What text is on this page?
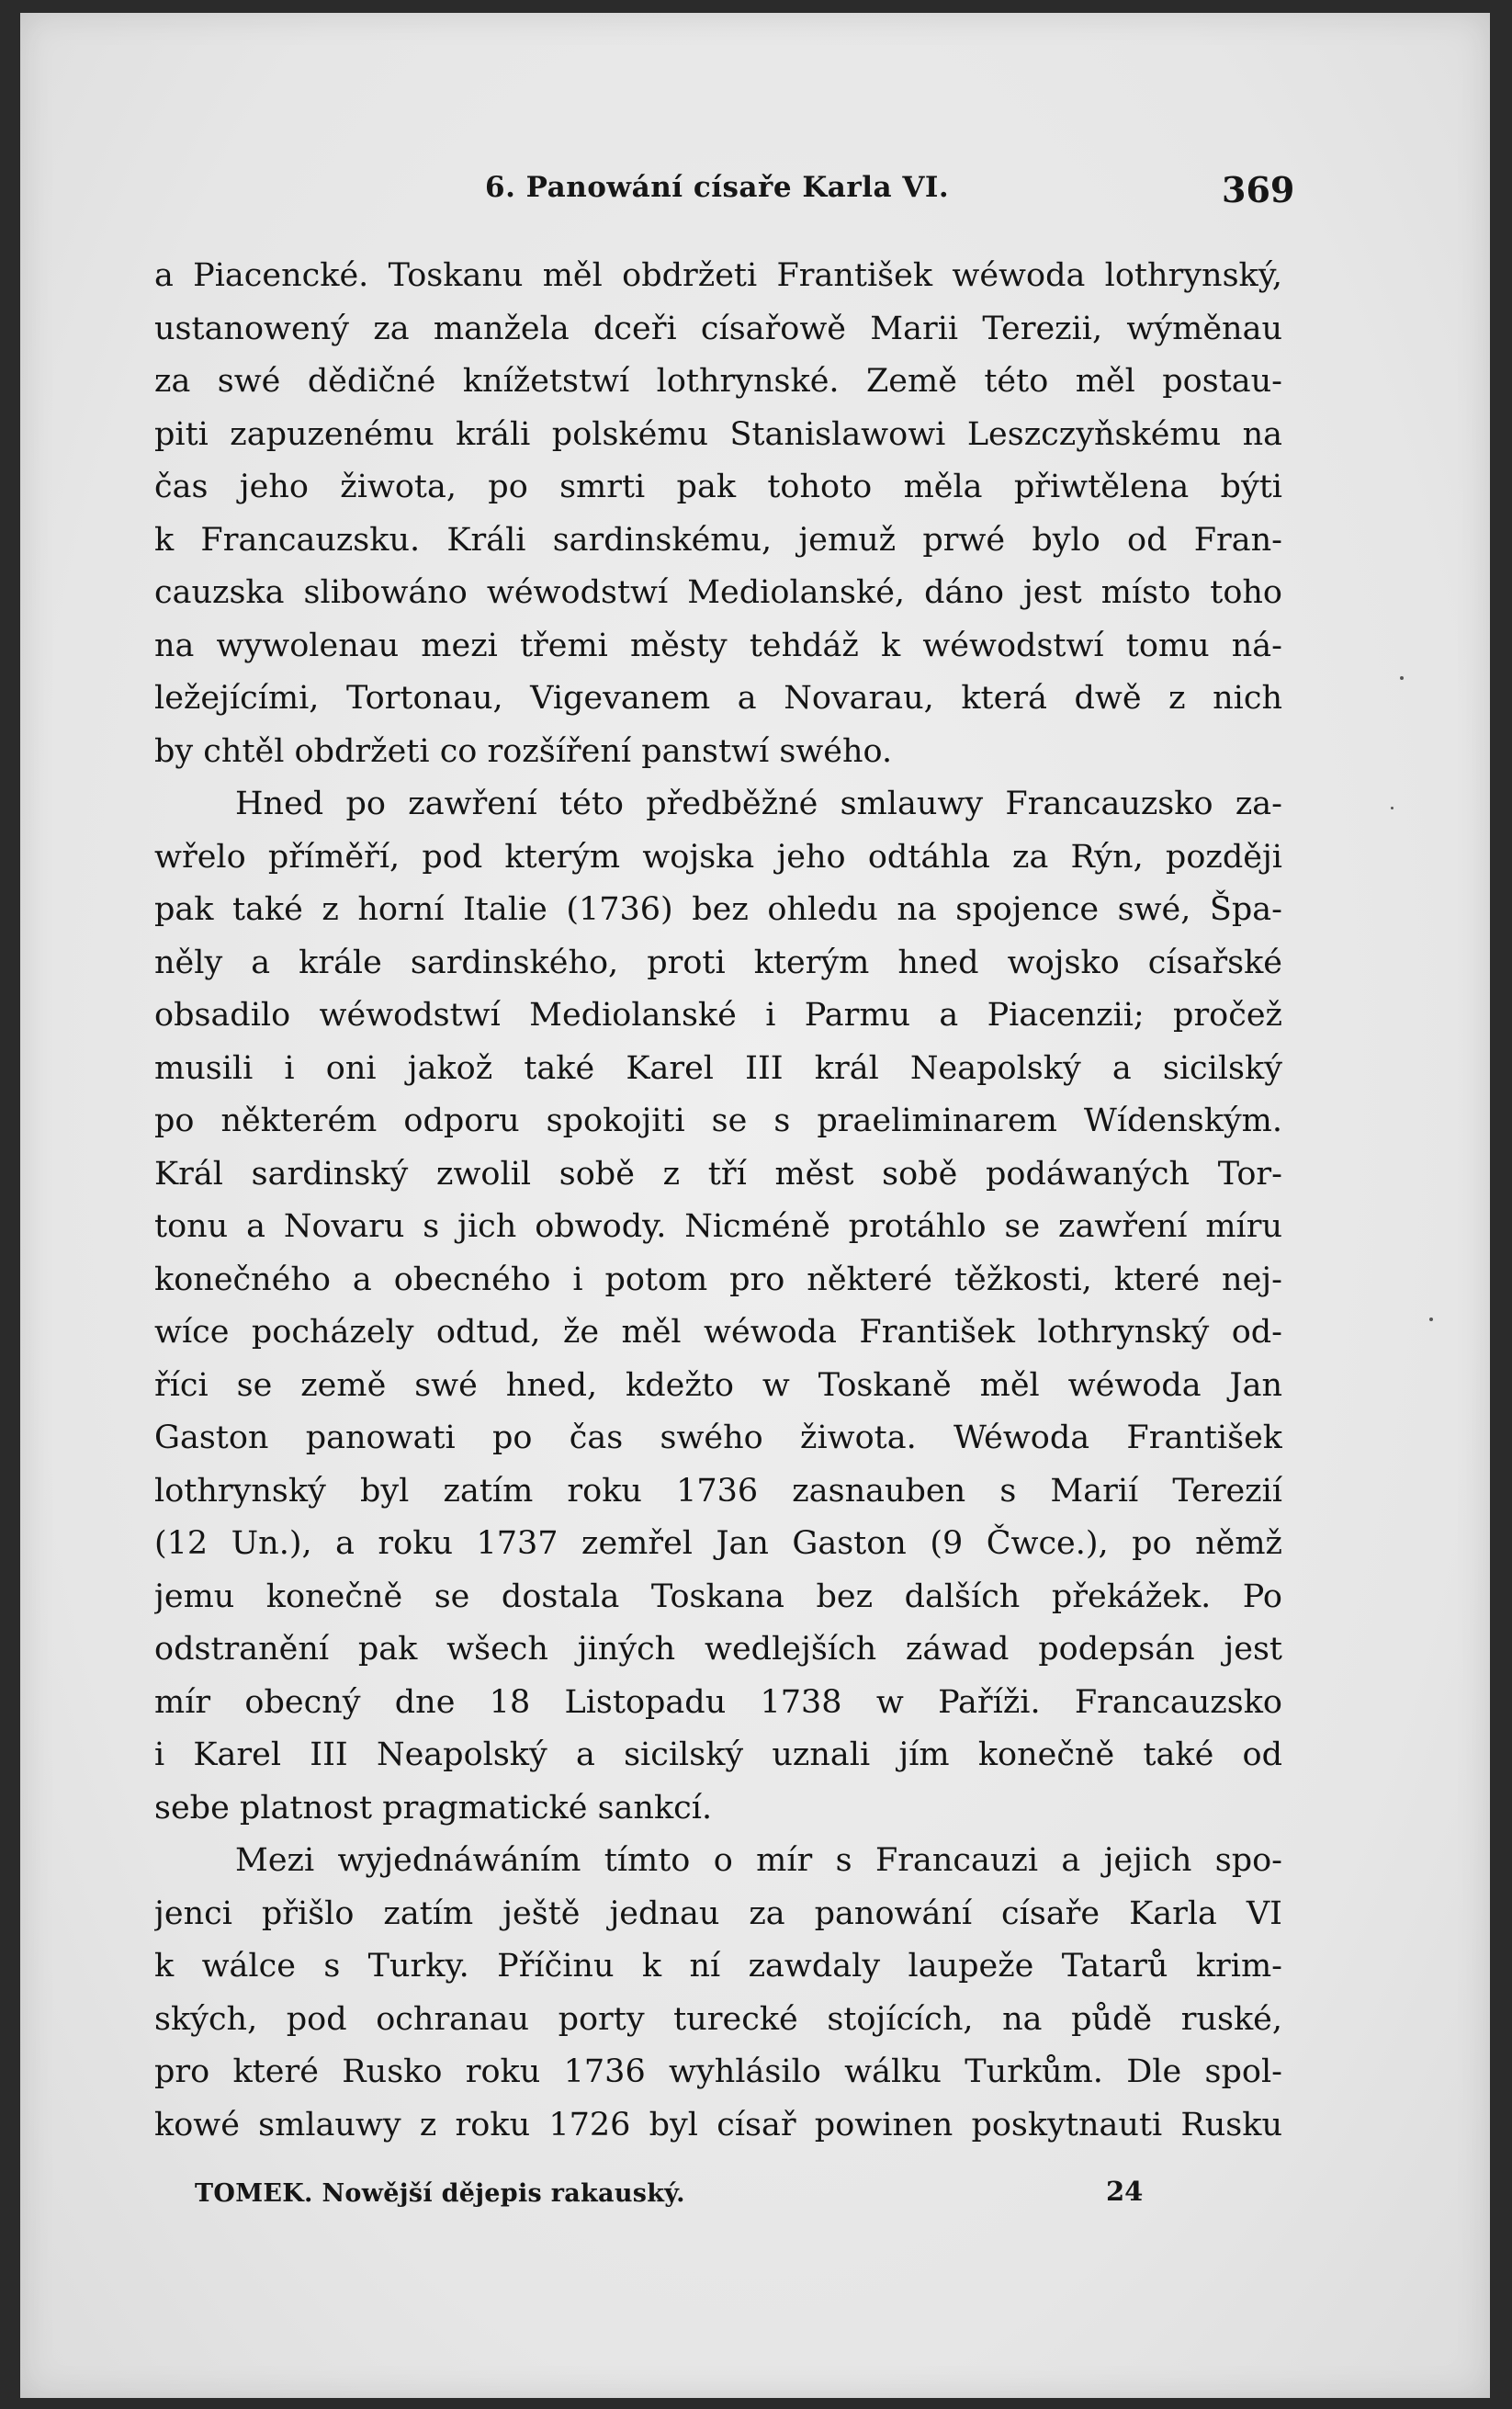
6. Panowání císaře Karla VI.	369
a Piacencké. Toskanu měl obdržeti František wéwoda lothrynský,
ustanowený za manžela dceři císařowě Marii Terezii, wýměnau
za swé dědičné knížetstwí lothrynské. Země této měl postau-
piti zapuzenému králi polskému Stanislawowi Leszczyňskému na
čas jeho žiwota, po smrti pak tohoto měla přiwtělena býti
k Francauzsku. Králi sardinskému, jemuž prwé bylo od Fran-
cauzska slibowáno wéwodstwí Mediolanské, dáno jest místo toho
na wywolenau mezi třemi městy tehdáž k wéwodstwí tomu ná-
ležejícími, Tortonau, Vigevanem a Novarau, která dwě z nich
by chtěl obdržeti co rozšíření panstwí swého.
Hned po zawření této předběžné smlauwy Francauzsko za-
wřelo příměří, pod kterým wojska jeho odtáhla za Rýn, později
pak také z horní Italie (1736) bez ohledu na spojence swé, Špa-
něly a krále sardinského, proti kterým hned wojsko císařské
obsadilo wéwodstwí Mediolanské i Parmu a Piacenzii; pročež
musili i oni jakož také Karel III král Neapolský a sicilský
po některém odporu spokojiti se s praeliminarem Wídenským.
Král sardinský zwolil sobě z tří měst sobě podáwaných Tor-
tonu a Novaru s jich obwody. Nicméně protáhlo se zawření míru
konečného a obecného i potom pro některé těžkosti, které nej-
wíce pocházely odtud, že měl wéwoda František lothrynský od-
říci se země swé hned, kdežto w Toskaně měl wéwoda Jan
Gaston panowati po čas swého žiwota. Wéwoda František
lothrynský byl zatím roku 1736 zasnauben s Marií Terezií
(12 Un.), a roku 1737 zemřel Jan Gaston (9 Čwce.), po němž
jemu konečně se dostala Toskana bez dalších překážek. Po
odstranění pak wšech jiných wedlejších záwad podepsán jest
mír obecný dne 18 Listopadu 1738 w Paříži. Francauzsko
i Karel III Neapolský a sicilský uznali jím konečně také od
sebe platnost pragmatické sankcí.
Mezi wyjednáwáním tímto o mír s Francauzi a jejich spo-
jenci přišlo zatím ještě jednau za panowání císaře Karla VI
k wálce s Turky. Příčinu k ní zawdaly laupeže Tatarů krim-
ských, pod ochranau porty turecké stojících, na půdě ruské,
pro které Rusko roku 1736 wyhlásilo wálku Turkům. Dle spol-
kowé smlauwy z roku 1726 byl císař powinen poskytnauti Rusku
TOMEK. Nowější dějepis rakauský.	24
